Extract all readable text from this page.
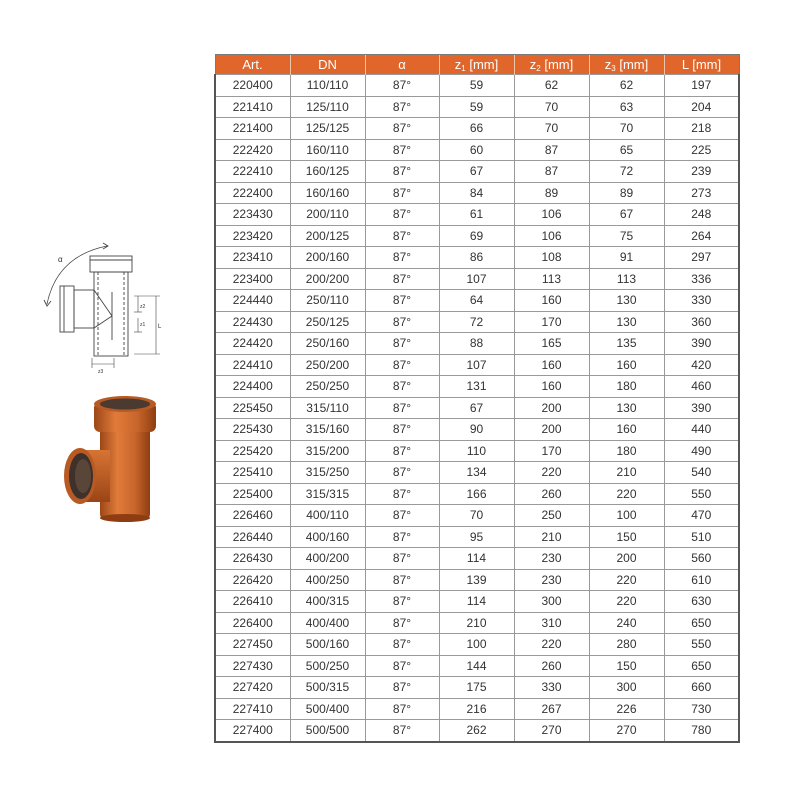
α
z2
z1 L
z3
Art.	DN	α	$z_1$ [mm]	$z_2$ [mm]	$z_3$ [mm]	L [mm]
220400	110/110	87°	59	62	62	197
221410	125/110	87°	59	70	63	204
221400	125/125	87°	66	70	70	218
222420	160/110	87°	60	87	65	225
222410	160/125	87°	67	87	72	239
222400	160/160	87°	84	89	89	273
223430	200/110	87°	61	106	67	248
223420	200/125	87°	69	106	75	264
223410	200/160	87°	86	108	91	297
223400	200/200	87°	107	113	113	336
224440	250/110	87°	64	160	130	330
224430	250/125	87°	72	170	130	360
224420	250/160	87°	88	165	135	390
224410	250/200	87°	107	160	160	420
224400	250/250	87°	131	160	180	460
225450	315/110	87°	67	200	130	390
225430	315/160	87°	90	200	160	440
225420	315/200	87°	110	170	180	490
225410	315/250	87°	134	220	210	540
225400	315/315	87°	166	260	220	550
226460	400/110	87°	70	250	100	470
226440	400/160	87°	95	210	150	510
226430	400/200	87°	114	230	200	560
226420	400/250	87°	139	230	220	610
226410	400/315	87°	114	300	220	630
226400	400/400	87°	210	310	240	650
227450	500/160	87°	100	220	280	550
227430	500/250	87°	144	260	150	650
227420	500/315	87°	175	330	300	660
227410	500/400	87°	216	267	226	730
227400	500/500	87°	262	270	270	780
